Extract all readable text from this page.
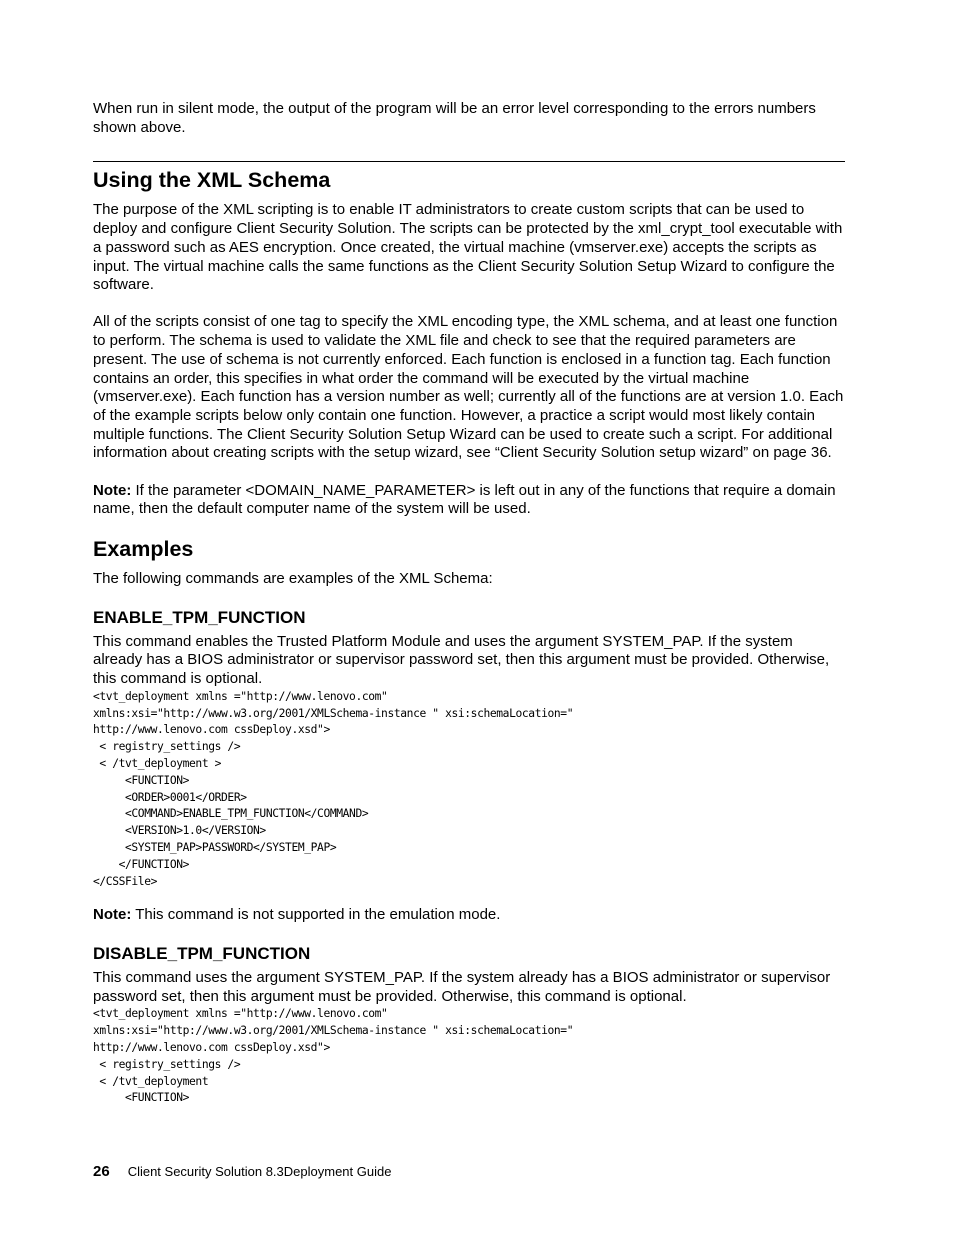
When run in silent mode, the output of the program will be an error level corresponding to the errors numbers shown above.

Using the XML Schema

The purpose of the XML scripting is to enable IT administrators to create custom scripts that can be used to deploy and configure Client Security Solution. The scripts can be protected by the xml_crypt_tool executable with a password such as AES encryption. Once created, the virtual machine (vmserver.exe) accepts the scripts as input. The virtual machine calls the same functions as the Client Security Solution Setup Wizard to configure the software.

All of the scripts consist of one tag to specify the XML encoding type, the XML schema, and at least one function to perform. The schema is used to validate the XML file and check to see that the required parameters are present. The use of schema is not currently enforced. Each function is enclosed in a function tag. Each function contains an order, this specifies in what order the command will be executed by the virtual machine (vmserver.exe). Each function has a version number as well; currently all of the functions are at version 1.0. Each of the example scripts below only contain one function. However, a practice a script would most likely contain multiple functions. The Client Security Solution Setup Wizard can be used to create such a script. For additional information about creating scripts with the setup wizard, see “Client Security Solution setup wizard” on page 36.

Note: If the parameter <DOMAIN_NAME_PARAMETER> is left out in any of the functions that require a domain name, then the default computer name of the system will be used.

Examples

The following commands are examples of the XML Schema:

ENABLE_TPM_FUNCTION

This command enables the Trusted Platform Module and uses the argument SYSTEM_PAP. If the system already has a BIOS administrator or supervisor password set, then this argument must be provided. Otherwise, this command is optional.

<tvt_deployment xmlns ="http://www.lenovo.com"
xmlns:xsi="http://www.w3.org/2001/XMLSchema-instance " xsi:schemaLocation="
http://www.lenovo.com cssDeploy.xsd">
< registry_settings />
< /tvt_deployment >
<FUNCTION>
<ORDER>0001</ORDER>
<COMMAND>ENABLE_TPM_FUNCTION</COMMAND>
<VERSION>1.0</VERSION>
<SYSTEM_PAP>PASSWORD</SYSTEM_PAP>
</FUNCTION>
</CSSFile>

Note: This command is not supported in the emulation mode.

DISABLE_TPM_FUNCTION

This command uses the argument SYSTEM_PAP. If the system already has a BIOS administrator or supervisor password set, then this argument must be provided. Otherwise, this command is optional.

<tvt_deployment xmlns ="http://www.lenovo.com"
xmlns:xsi="http://www.w3.org/2001/XMLSchema-instance " xsi:schemaLocation="
http://www.lenovo.com cssDeploy.xsd">
< registry_settings />
< /tvt_deployment
<FUNCTION>
26 Client Security Solution 8.3Deployment Guide
